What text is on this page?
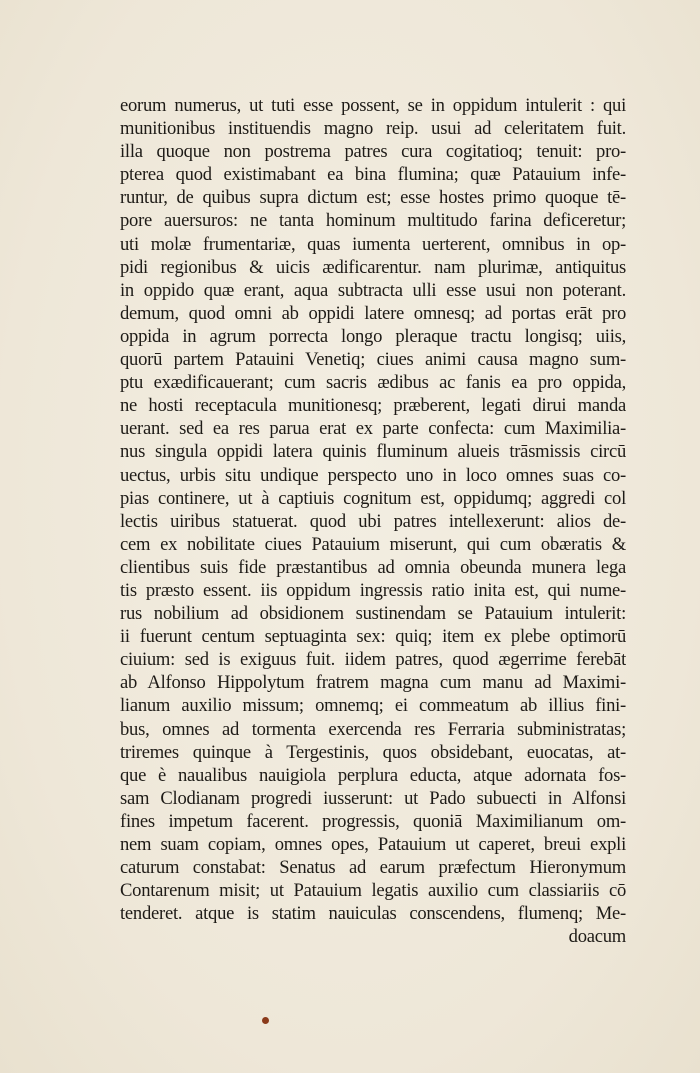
eorum numerus, ut tuti esse possent, se in oppidum intulerit : qui
munitionibus instituendis magno reip. usui ad celeritatem fuit.
illa quoque non postrema patres cura cogitatioq; tenuit: pro-
pterea quod existimabant ea bina flumina; quæ Patauium infe-
runtur, de quibus supra dictum est; esse hostes primo quoque tē-
pore auersuros: ne tanta hominum multitudo farina deficeretur;
uti molæ frumentariæ, quas iumenta uerterent, omnibus in op-
pidi regionibus & uicis ædificarentur. nam plurimæ, antiquitus
in oppido quæ erant, aqua subtracta ulli esse usui non poterant.
demum, quod omni ab oppidi latere omnesq; ad portas erāt pro
oppida in agrum porrecta longo pleraque tractu longisq; uiis,
quorū partem Patauini Venetiq; ciues animi causa magno sum-
ptu exædificauerant; cum sacris ædibus ac fanis ea pro oppida,
ne hosti receptacula munitionesq; præberent, legati dirui manda
uerant. sed ea res parua erat ex parte confecta: cum Maximilia-
nus singula oppidi latera quinis fluminum alueis trāsmissis circū
uectus, urbis situ undique perspecto uno in loco omnes suas co-
pias continere, ut à captiuis cognitum est, oppidumq; aggredi col
lectis uiribus statuerat. quod ubi patres intellexerunt: alios de-
cem ex nobilitate ciues Patauium miserunt, qui cum obæratis &
clientibus suis fide præstantibus ad omnia obeunda munera lega
tis præsto essent. iis oppidum ingressis ratio inita est, qui nume-
rus nobilium ad obsidionem sustinendam se Patauium intulerit:
ii fuerunt centum septuaginta sex: quiq; item ex plebe optimorū
ciuium: sed is exiguus fuit. iidem patres, quod ægerrime ferebāt
ab Alfonso Hippolytum fratrem magna cum manu ad Maximi-
lianum auxilio missum; omnemq; ei commeatum ab illius fini-
bus, omnes ad tormenta exercenda res Ferraria subministratas;
triremes quinque à Tergestinis, quos obsidebant, euocatas, at-
que è naualibus nauigiola perplura educta, atque adornata fos-
sam Clodianam progredi iusserunt: ut Pado subuecti in Alfonsi
fines impetum facerent. progressis, quoniā Maximilianum om-
nem suam copiam, omnes opes, Patauium ut caperet, breui expli
caturum constabat: Senatus ad earum præfectum Hieronymum
Contarenum misit; ut Patauium legatis auxilio cum classiariis cō
tenderet. atque is statim nauiculas conscendens, flumenq; Me-
doacum
